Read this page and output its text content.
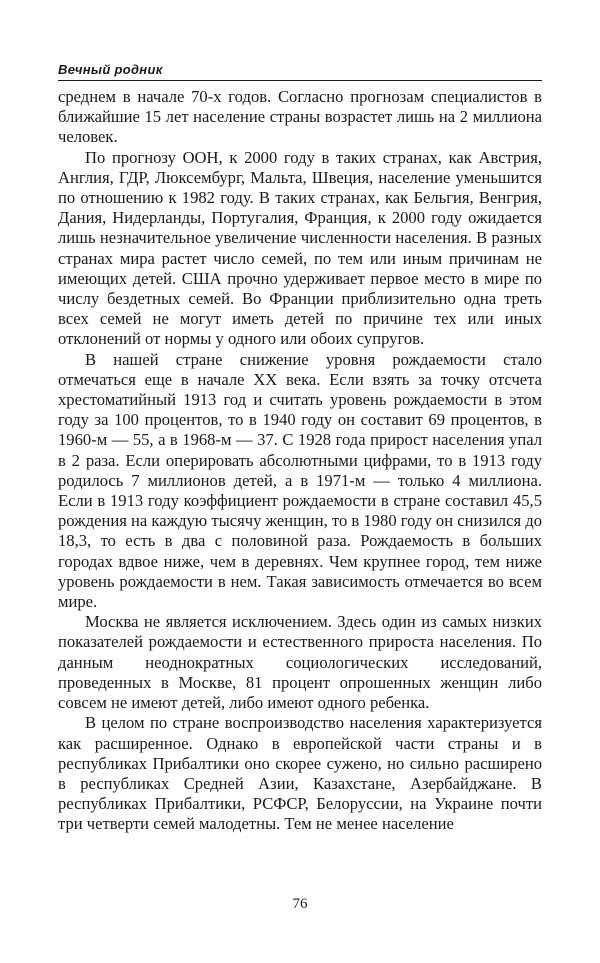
Вечный родник

среднем в начале 70-х годов. Согласно прогнозам специалистов в ближайшие 15 лет население страны возрастет лишь на 2 миллиона человек.

По прогнозу ООН, к 2000 году в таких странах, как Австрия, Англия, ГДР, Люксембург, Мальта, Швеция, население уменьшится по отношению к 1982 году. В таких странах, как Бельгия, Венгрия, Дания, Нидерланды, Португалия, Франция, к 2000 году ожидается лишь незначительное увеличение численности населения. В разных странах мира растет число семей, по тем или иным причинам не имеющих детей. США прочно удерживает первое место в мире по числу бездетных семей. Во Франции приблизительно одна треть всех семей не могут иметь детей по причине тех или иных отклонений от нормы у одного или обоих супругов.

В нашей стране снижение уровня рождаемости стало отмечаться еще в начале XX века. Если взять за точку отсчета хрестоматийный 1913 год и считать уровень рождаемости в этом году за 100 процентов, то в 1940 году он составит 69 процентов, в 1960-м — 55, а в 1968-м — 37. С 1928 года прирост населения упал в 2 раза. Если оперировать абсолютными цифрами, то в 1913 году родилось 7 миллионов детей, а в 1971-м — только 4 миллиона. Если в 1913 году коэффициент рождаемости в стране составил 45,5 рождения на каждую тысячу женщин, то в 1980 году он снизился до 18,3, то есть в два с половиной раза. Рождаемость в больших городах вдвое ниже, чем в деревнях. Чем крупнее город, тем ниже уровень рождаемости в нем. Такая зависимость отмечается во всем мире.

Москва не является исключением. Здесь один из самых низких показателей рождаемости и естественного прироста населения. По данным неоднократных социологических исследований, проведенных в Москве, 81 процент опрошенных женщин либо совсем не имеют детей, либо имеют одного ребенка.

В целом по стране воспроизводство населения характеризуется как расширенное. Однако в европейской части страны и в республиках Прибалтики оно скорее сужено, но сильно расширено в республиках Средней Азии, Казахстане, Азербайджане. В республиках Прибалтики, РСФСР, Белоруссии, на Украине почти три четверти семей малодетны. Тем не менее население

76
